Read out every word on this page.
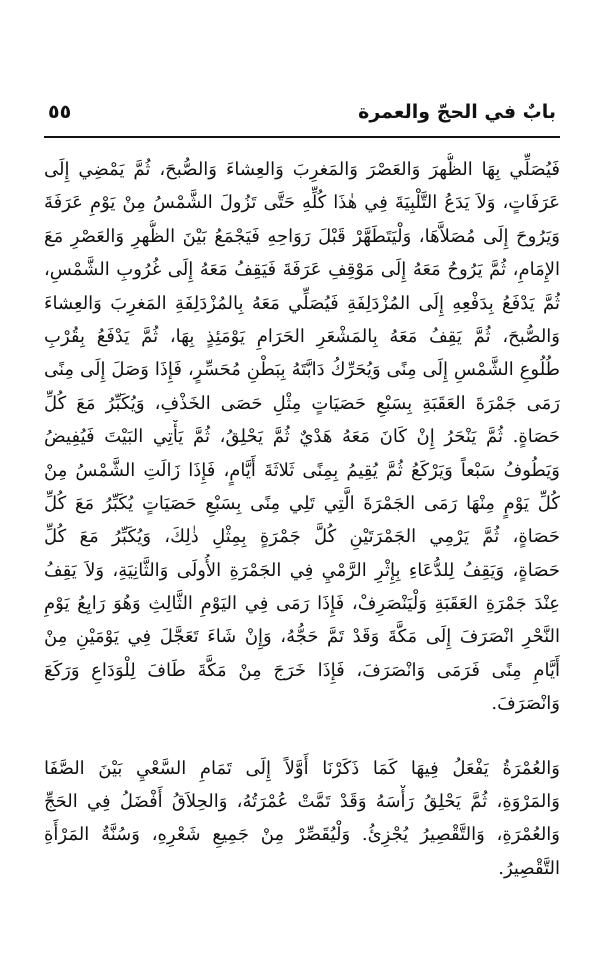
بابٌ في الحجّ والعمرة
٥٥
فَيُصَلِّي بِهَا الظُّهرَ وَالعَصْرَ وَالمَغرِبَ وَالعِشاءَ وَالصُّبحَ، ثُمَّ يَمْضِي إِلَى
عَرَفَاتٍ، وَلاَ يَدَعُ التَّلْبِيَةَ فِي هٰذَا كُلِّهِ حَتَّى تَزُولَ الشَّمْسُ مِنْ يَوْمِ عَرَفَةَ
وَيَرُوحَ إِلَى مُصَلاَّهَا، وَلْيَتَطَهَّرْ قَبْلَ رَوَاحِهِ فَيَجْمَعُ بَيْنَ الظُّهرِ وَالعَصْرِ مَعَ
الإِمَامِ، ثُمَّ يَرُوحُ مَعَهُ إِلَى مَوْقِفِ عَرَفَةَ فَيَقِفُ مَعَهُ إِلَى غُرُوبِ الشَّمْسِ،
ثُمَّ يَدْفَعُ بِدَفْعِهِ إِلَى المُزْدَلِفَةِ فَيُصَلِّي مَعَهُ بِالمُزْدَلِفَةِ المَغرِبَ وَالعِشاءَ
وَالصُّبحَ، ثُمَّ يَقِفُ مَعَهُ بِالمَشْعَرِ الحَرَامِ يَوْمَئِذٍ بِهَا، ثُمَّ يَدْفَعُ بِقُرْبِ
طُلُوعِ الشَّمْسِ إِلَى مِنًى وَيُحَرِّكُ دَابَّتَهُ بِبَطْنِ مُحَسِّرٍ، فَإِذَا وَصَلَ إِلَى مِنًى
رَمَى جَمْرَةَ العَقَبَةِ بِسَبْعِ حَصَيَاتٍ مِثْلِ حَصَى الخَذْفِ، وَيُكَبِّرُ مَعَ كُلِّ
حَصَاةٍ. ثُمَّ يَنْحَرُ إِنْ كَانَ مَعَهُ هَدْيٌ ثُمَّ يَحْلِقُ، ثُمَّ يَأْتِي البَيْتَ فَيُفِيضُ
وَيَطُوفُ سَبْعاً وَيَرْكَعُ ثُمَّ يُقِيمُ بِمِنًى ثَلاثَةَ أَيَّامٍ، فَإِذَا زَالَتِ الشَّمْسُ مِنْ
كُلِّ يَوْمٍ مِنْهَا رَمَى الجَمْرَةَ الَّتِي تَلِي مِنًى بِسَبْعِ حَصَيَاتٍ يُكَبِّرُ مَعَ كُلِّ
حَصَاةٍ، ثُمَّ يَرْمِي الجَمْرَتَيْنِ كُلَّ جَمْرَةٍ بِمِثْلِ ذٰلِكَ، وَيُكَبِّرُ مَعَ كُلِّ
حَصَاةٍ، وَيَقِفُ لِلدُّعَاءِ بِإِثْرِ الرَّمْيِ فِي الجَمْرَةِ الأُولَى وَالثَّانِيَةِ، وَلاَ يَقِفُ
عِنْدَ جَمْرَةِ العَقَبَةِ وَلْيَنْصَرِفْ، فَإِذَا رَمَى فِي اليَوْمِ الثَّالِثِ وَهُوَ رَابِعُ يَوْمِ
النَّحْرِ انْصَرَفَ إِلَى مَكَّةَ وَقَدْ تَمَّ حَجُّهُ، وَإِنْ شَاءَ تَعَجَّلَ فِي يَوْمَيْنِ مِنْ
أَيَّامِ مِنًى فَرَمَى وَانْصَرَفَ، فَإِذَا خَرَجَ مِنْ مَكَّةَ طَافَ لِلْوَدَاعِ وَرَكَعَ
وَانْصَرَفَ.
وَالعُمْرَةُ يَفْعَلُ فِيهَا كَمَا ذَكَرْنَا أَوَّلاً إِلَى تَمَامِ السَّعْيِ بَيْنَ الصَّفَا
وَالمَرْوَةِ، ثُمَّ يَحْلِقُ رَأْسَهُ وَقَدْ تَمَّتْ عُمْرَتُهُ، وَالحِلاَقُ أَفْضَلُ فِي الحَجِّ
وَالعُمْرَةِ، وَالتَّقْصِيرُ يُجْزِئُ. وَلْيُقَصِّرْ مِنْ جَمِيعِ شَعْرِهِ، وَسُنَّةُ المَرْأَةِ
التَّقْصِيرُ.
